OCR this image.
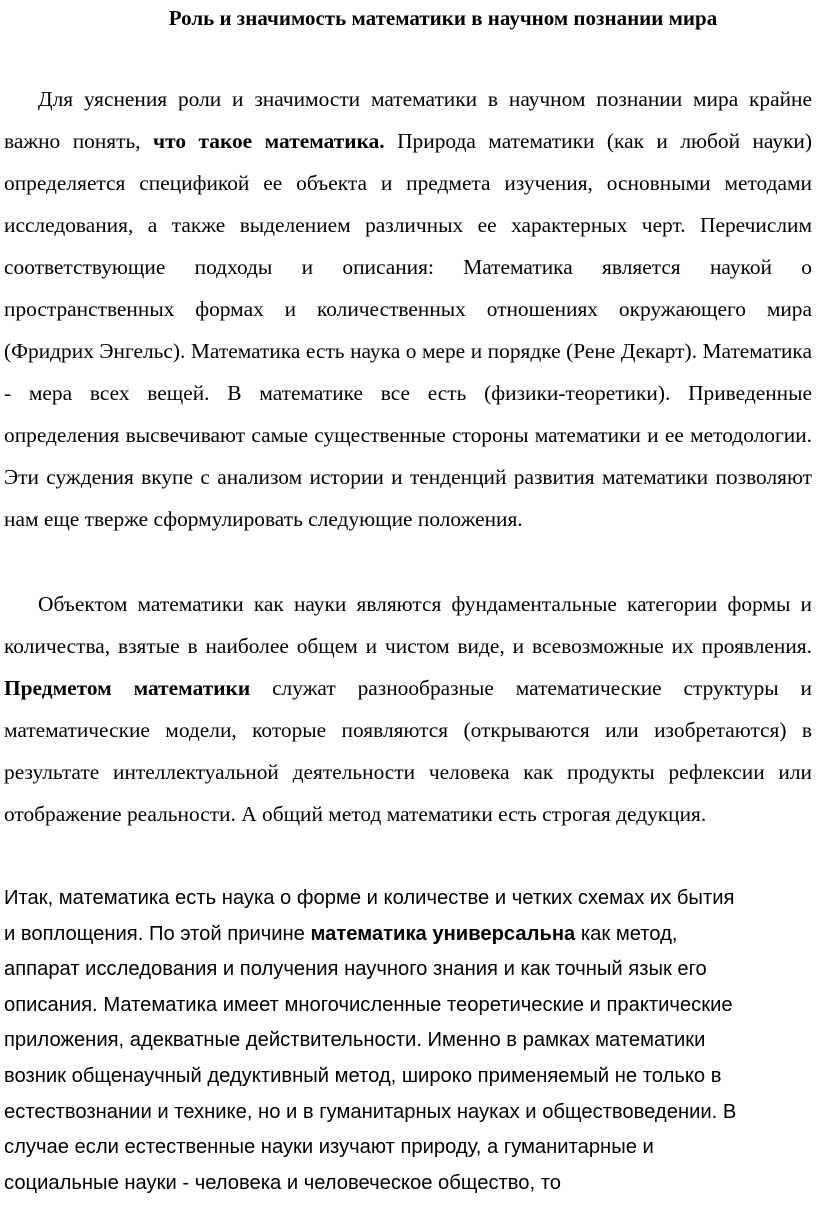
Роль и значимость математики в научном познании мира

Для уяснения роли и значимости математики в научном познании мира крайне важно понять, что такое математика. Природа математики (как и любой науки) определяется спецификой ее объекта и предмета изучения, основными методами исследования, а также выделением различных ее характерных черт. Перечислим соответствующие подходы и описания: Математика является наукой о пространственных формах и количественных отношениях окружающего мира (Фридрих Энгельс). Математика есть наука о мере и порядке (Рене Декарт). Математика - мера всех вещей. В математике все есть (физики-теоретики). Приведенные определения высвечивают самые существенные стороны математики и ее методологии. Эти суждения вкупе с анализом истории и тенденций развития математики позволяют нам еще тверже сформулировать следующие положения.

Объектом математики как науки являются фундаментальные категории формы и количества, взятые в наиболее общем и чистом виде, и всевозможные их проявления. Предметом математики служат разнообразные математические структуры и математические модели, которые появляются (открываются или изобретаются) в результате интеллектуальной деятельности человека как продукты рефлексии или отображение реальности. А общий метод математики есть строгая дедукция.

Итак, математика есть наука о форме и количестве и четких схемах их бытия
и воплощения. По этой причине математика универсальна как метод,
аппарат исследования и получения научного знания и как точный язык его
описания. Математика имеет многочисленные теоретические и практические
приложения, адекватные действительности. Именно в рамках математики
возник общенаучный дедуктивный метод, широко применяемый не только в
естествознании и технике, но и в гуманитарных науках и обществоведении. В
случае если естественные науки изучают природу, а гуманитарные и
социальные науки - человека и человеческое общество, то
